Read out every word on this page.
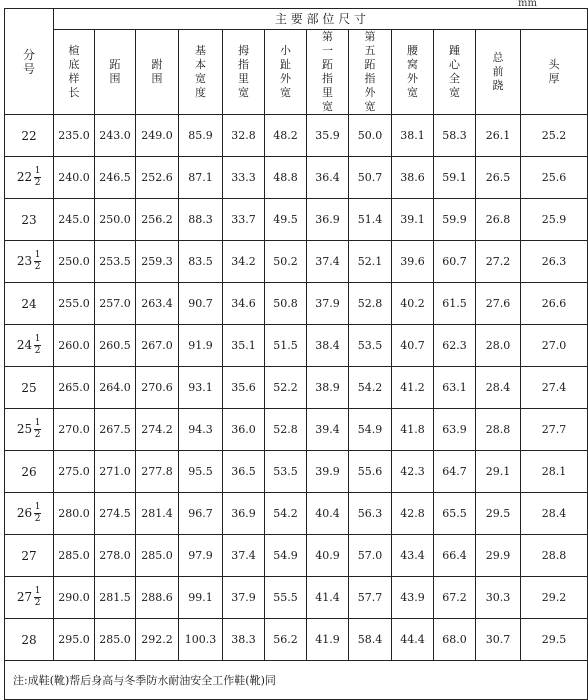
mm
分号	主 要 部 位 尺 寸											
	楦底样长	跖围	跗围	基本宽度	拇指里宽	小趾外宽	第一跖指里宽	第五跖指外宽	腰窝外宽	踵心全宽	总前跷	头厚
22	235.0	243.0	249.0	85.9	32.8	48.2	35.9	50.0	38.1	58.3	26.1	25.2
$22 \frac{1}{2}$	240.0	246.5	252.6	87.1	33.3	48.8	36.4	50.7	38.6	59.1	26.5	25.6
23	245.0	250.0	256.2	88.3	33.7	49.5	36.9	51.4	39.1	59.9	26.8	25.9
$23 \frac{1}{2}$	250.0	253.5	259.3	83.5	34.2	50.2	37.4	52.1	39.6	60.7	27.2	26.3
24	255.0	257.0	263.4	90.7	34.6	50.8	37.9	52.8	40.2	61.5	27.6	26.6
$24 \frac{1}{2}$	260.0	260.5	267.0	91.9	35.1	51.5	38.4	53.5	40.7	62.3	28.0	27.0
25	265.0	264.0	270.6	93.1	35.6	52.2	38.9	54.2	41.2	63.1	28.4	27.4
$25 \frac{1}{2}$	270.0	267.5	274.2	94.3	36.0	52.8	39.4	54.9	41.8	63.9	28.8	27.7
26	275.0	271.0	277.8	95.5	36.5	53.5	39.9	55.6	42.3	64.7	29.1	28.1
$26 \frac{1}{2}$	280.0	274.5	281.4	96.7	36.9	54.2	40.4	56.3	42.8	65.5	29.5	28.4
27	285.0	278.0	285.0	97.9	37.4	54.9	40.9	57.0	43.4	66.4	29.9	28.8
$27 \frac{1}{2}$	290.0	281.5	288.6	99.1	37.9	55.5	41.4	57.7	43.9	67.2	30.3	29.2
28	295.0	285.0	292.2	100.3	38.3	56.2	41.9	58.4	44.4	68.0	30.7	29.5
注:成鞋(靴)帮后身高与冬季防水耐油安全工作鞋(靴)同												
